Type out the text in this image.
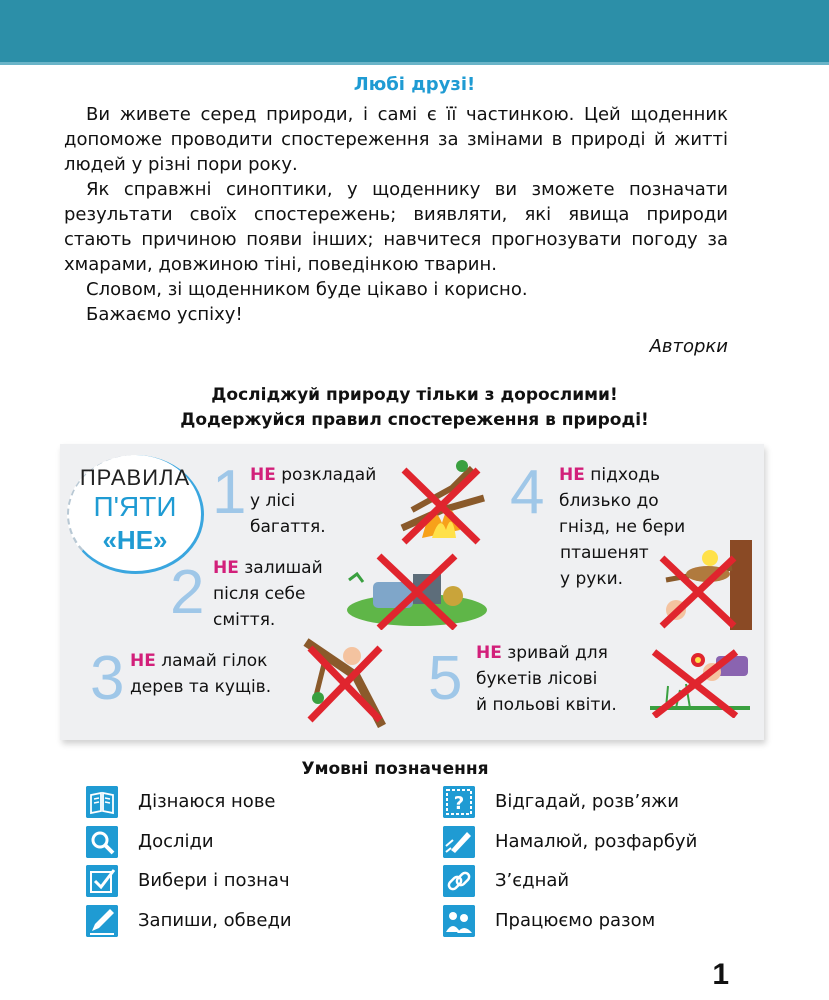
Любі друзі!

Ви живете серед природи, і самі є її частинкою. Цей щоденник допоможе проводити спостереження за змінами в природі й житті людей у різні пори року.

Як справжні синоптики, у щоденнику ви зможете позначати результати своїх спостережень; виявляти, які явища природи стають причиною появи інших; навчитеся прогнозувати погоду за хмарами, довжиною тіні, поведінкою тварин.

Словом, зі щоденником буде цікаво і корисно.

Бажаємо успіху!

Авторки
Досліджуй природу тільки з дорослими!
Додержуйся правил спостереження в природі!
ПРАВИЛА
П'ЯТИ
«НЕ»
1 НЕ розкладай
у лісі
багаття.
2 НЕ залишай
після себе
сміття.
3 НЕ ламай гілок
дерев та кущів.
4 НЕ підходь
близько до
гнізд, не бери
пташенят
у руки.
5 НЕ зривай для
букетів лісові
й польові квіти.
Умовні позначення
Дізнаюся нове
Досліди
Вибери і познач
Запиши, обведи
? Відгадай, розв’яжи
Намалюй, розфарбуй
З’єднай
Працюємо разом
1
